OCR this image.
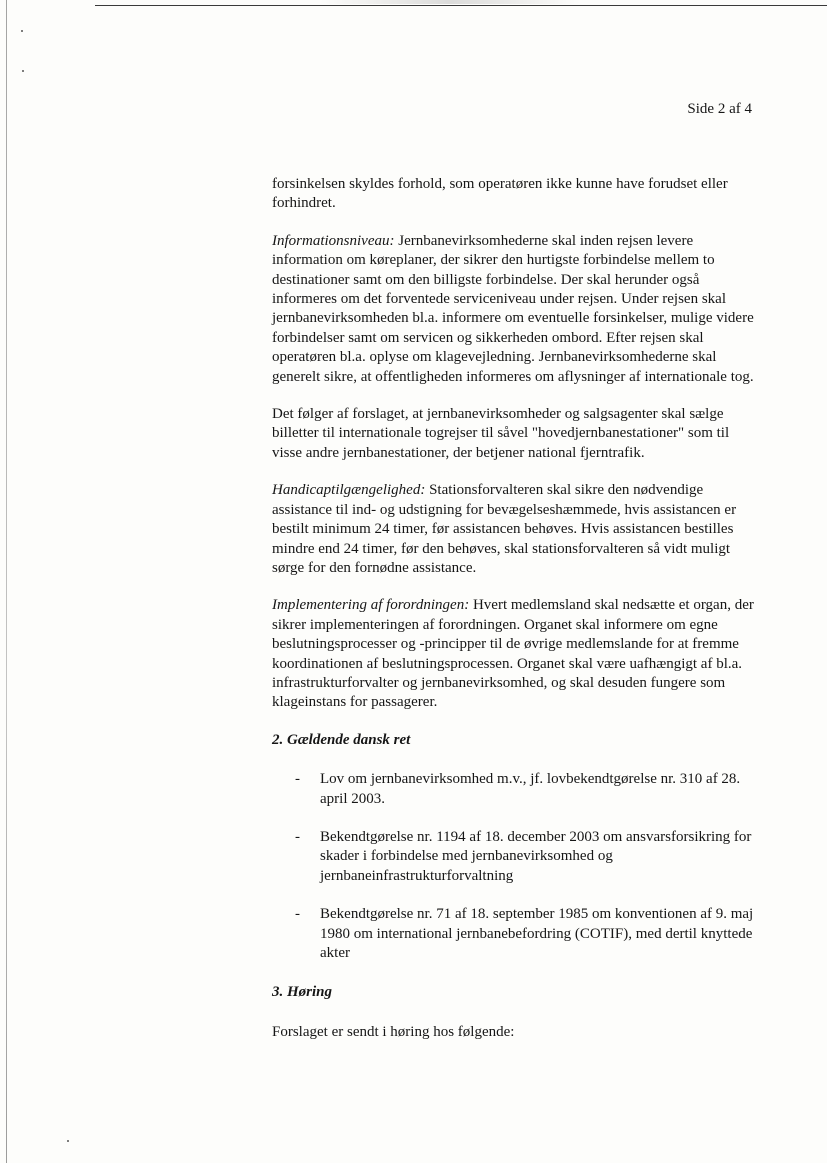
Side 2 af 4

forsinkelsen skyldes forhold, som operatøren ikke kunne have forudset eller forhindret.

Informationsniveau: Jernbanevirksomhederne skal inden rejsen levere information om køreplaner, der sikrer den hurtigste forbindelse mellem to destinationer samt om den billigste forbindelse. Der skal herunder også informeres om det forventede serviceniveau under rejsen. Under rejsen skal jernbanevirksomheden bl.a. informere om eventuelle forsinkelser, mulige videre forbindelser samt om servicen og sikkerheden ombord. Efter rejsen skal operatøren bl.a. oplyse om klagevejledning. Jernbanevirksomhederne skal generelt sikre, at offentligheden informeres om aflysninger af internationale tog.

Det følger af forslaget, at jernbanevirksomheder og salgsagenter skal sælge billetter til internationale togrejser til såvel "hovedjernbanestationer" som til visse andre jernbanestationer, der betjener national fjerntrafik.

Handicaptilgængelighed: Stationsforvalteren skal sikre den nødvendige assistance til ind- og udstigning for bevægelseshæmmede, hvis assistancen er bestilt minimum 24 timer, før assistancen behøves. Hvis assistancen bestilles mindre end 24 timer, før den behøves, skal stationsforvalteren så vidt muligt sørge for den fornødne assistance.

Implementering af forordningen: Hvert medlemsland skal nedsætte et organ, der sikrer implementeringen af forordningen. Organet skal informere om egne beslutningsprocesser og -principper til de øvrige medlemslande for at fremme koordinationen af beslutningsprocessen. Organet skal være uafhængigt af bl.a. infrastrukturforvalter og jernbanevirksomhed, og skal desuden fungere som klageinstans for passagerer.

2. Gældende dansk ret
- Lov om jernbanevirksomhed m.v., jf. lovbekendtgørelse nr. 310 af 28. april 2003.
- Bekendtgørelse nr. 1194 af 18. december 2003 om ansvarsforsikring for skader i forbindelse med jernbanevirksomhed og jernbaneinfrastrukturforvaltning
- Bekendtgørelse nr. 71 af 18. september 1985 om konventionen af 9. maj 1980 om international jernbanebefordring (COTIF), med dertil knyttede akter
3. Høring

Forslaget er sendt i høring hos følgende:
